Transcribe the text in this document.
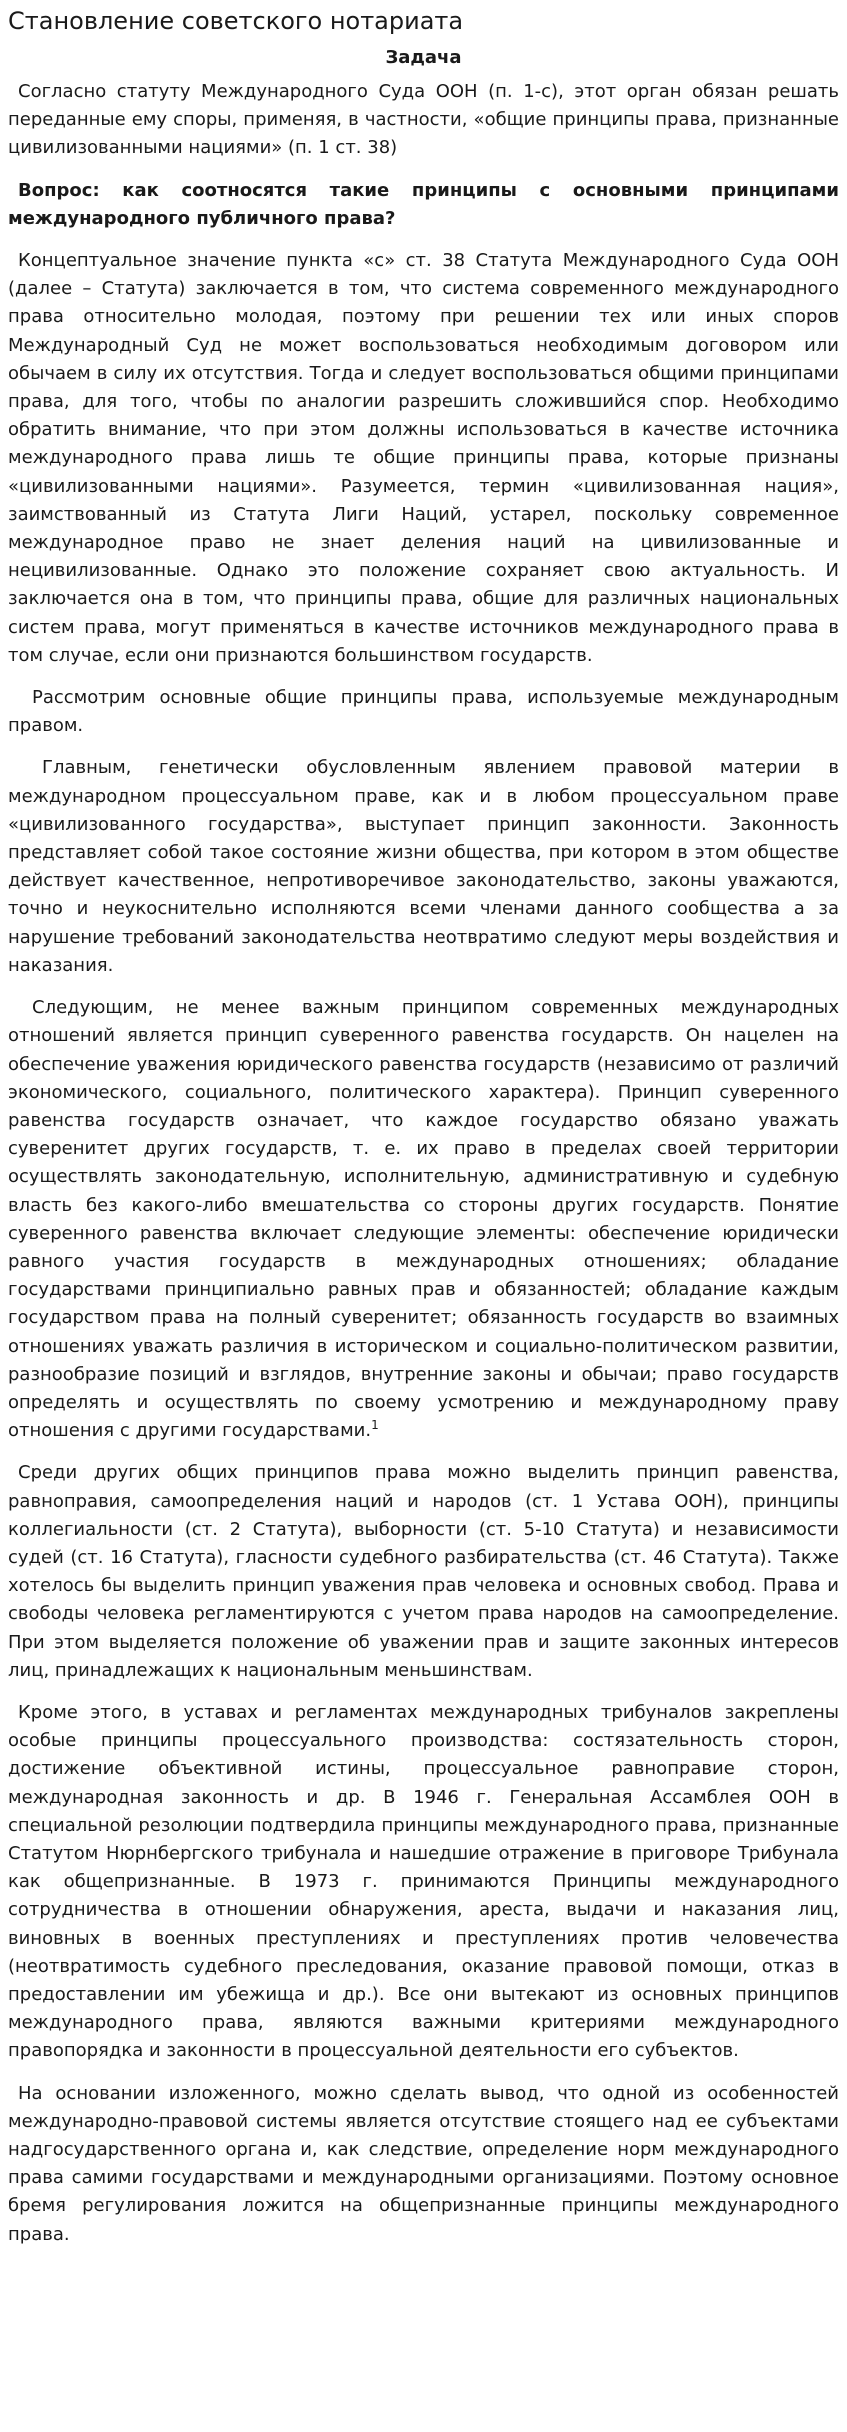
Становление советского нотариата
Задача

Согласно статуту Международного Суда ООН (п. 1-с), этот орган обязан решать переданные ему споры, применяя, в частности, «общие принципы права, признанные цивилизованными нациями» (п. 1 ст. 38)

Вопрос: как соотносятся такие принципы с основными принципами международного публичного права?

Концептуальное значение пункта «с» ст. 38 Статута Международного Суда ООН (далее – Статута) заключается в том, что система современного международного права относительно молодая, поэтому при решении тех или иных споров Международный Суд не может воспользоваться необходимым договором или обычаем в силу их отсутствия. Тогда и следует воспользоваться общими принципами права, для того, чтобы по аналогии разрешить сложившийся спор. Необходимо обратить внимание, что при этом должны использоваться в качестве источника международного права лишь те общие принципы права, которые признаны «цивилизованными нациями». Разумеется, термин «цивилизованная нация», заимствованный из Статута Лиги Наций, устарел, поскольку современное международное право не знает деления наций на цивилизованные и нецивилизованные. Однако это положение сохраняет свою актуальность. И заключается она в том, что принципы права, общие для различных национальных систем права, могут применяться в качестве источников международного права в том случае, если они признаются большинством государств.

Рассмотрим основные общие принципы права, используемые международным правом.

Главным, генетически обусловленным явлением правовой материи в международном процессуальном праве, как и в любом процессуальном праве «цивилизованного государства», выступает принцип законности. Законность представляет собой такое состояние жизни общества, при котором в этом обществе действует качественное, непротиворечивое законодательство, законы уважаются, точно и неукоснительно исполняются всеми членами данного сообщества а за нарушение требований законодательства неотвратимо следуют меры воздействия и наказания.

Следующим, не менее важным принципом современных международных отношений является принцип суверенного равенства государств. Он нацелен на обеспечение уважения юридического равенства государств (независимо от различий экономического, социального, политического характера). Принцип суверенного равенства государств означает, что каждое государство обязано уважать суверенитет других государств, т. е. их право в пределах своей территории осуществлять законодательную, исполнительную, административную и судебную власть без какого-либо вмешательства со стороны других государств. Понятие суверенного равенства включает следующие элементы: обеспечение юридически равного участия государств в международных отношениях; обладание государствами принципиально равных прав и обязанностей; обладание каждым государством права на полный суверенитет; обязанность государств во взаимных отношениях уважать различия в историческом и социально-политическом развитии, разнообразие позиций и взглядов, внутренние законы и обычаи; право государств определять и осуществлять по своему усмотрению и международному праву отношения с другими государствами.$^1$

Среди других общих принципов права можно выделить принцип равенства, равноправия, самоопределения наций и народов (ст. 1 Устава ООН), принципы коллегиальности (ст. 2 Статута), выборности (ст. 5-10 Статута) и независимости судей (ст. 16 Статута), гласности судебного разбирательства (ст. 46 Статута). Также хотелось бы выделить принцип уважения прав человека и основных свобод. Права и свободы человека регламентируются с учетом права народов на самоопределение. При этом выделяется положение об уважении прав и защите законных интересов лиц, принадлежащих к национальным меньшинствам.

Кроме этого, в уставах и регламентах международных трибуналов закреплены особые принципы процессуального производства: состязательность сторон, достижение объективной истины, процессуальное равноправие сторон, международная законность и др. В 1946 г. Генеральная Ассамблея ООН в специальной резолюции подтвердила принципы международного права, признанные Статутом Нюрнбергского трибунала и нашедшие отражение в приговоре Трибунала как общепризнанные. В 1973 г. принимаются Принципы международного сотрудничества в отношении обнаружения, ареста, выдачи и наказания лиц, виновных в военных преступлениях и преступлениях против человечества (неотвратимость судебного преследования, оказание правовой помощи, отказ в предоставлении им убежища и др.). Все они вытекают из основных принципов международного права, являются важными критериями международного правопорядка и законности в процессуальной деятельности его субъектов.

На основании изложенного, можно сделать вывод, что одной из особенностей международно-правовой системы является отсутствие стоящего над ее субъектами надгосударственного органа и, как следствие, определение норм международного права самими государствами и международными организациями. Поэтому основное бремя регулирования ложится на общепризнанные принципы международного права.
